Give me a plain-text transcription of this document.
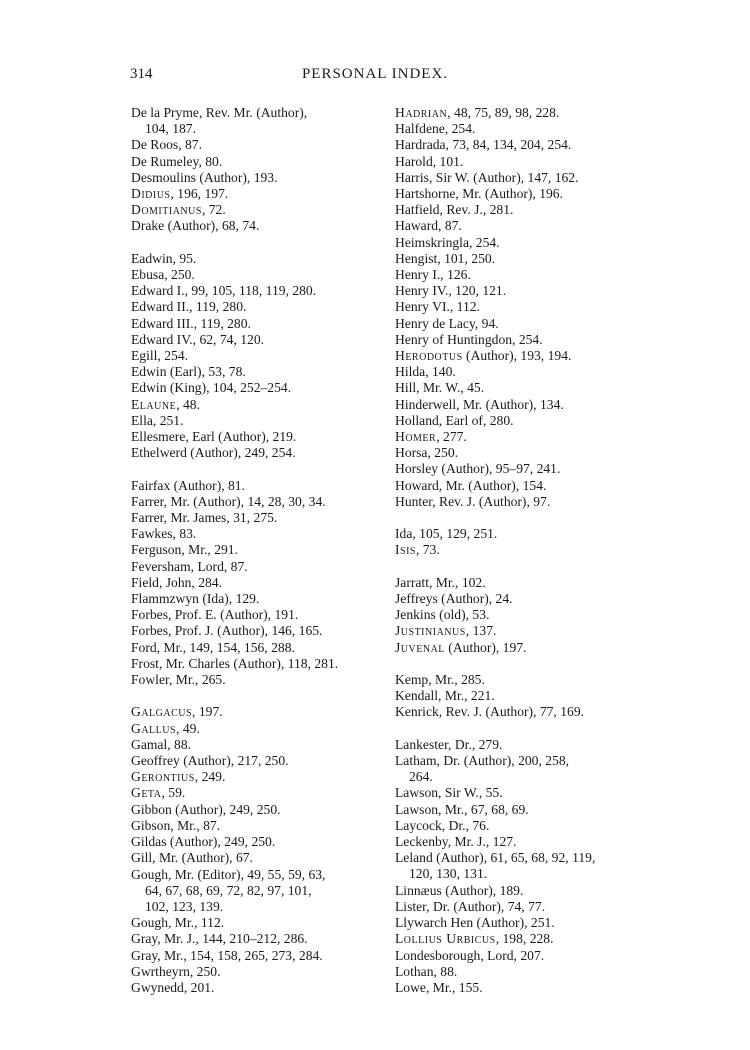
314	PERSONAL INDEX.
De la Pryme, Rev. Mr. (Author),
104, 187.
De Roos, 87.
De Rumeley, 80.
Desmoulins (Author), 193.
Didius, 196, 197.
Domitianus, 72.
Drake (Author), 68, 74.
Eadwin, 95.
Ebusa, 250.
Edward I., 99, 105, 118, 119, 280.
Edward II., 119, 280.
Edward III., 119, 280.
Edward IV., 62, 74, 120.
Egill, 254.
Edwin (Earl), 53, 78.
Edwin (King), 104, 252–254.
Elaune, 48.
Ella, 251.
Ellesmere, Earl (Author), 219.
Ethelwerd (Author), 249, 254.
Fairfax (Author), 81.
Farrer, Mr. (Author), 14, 28, 30, 34.
Farrer, Mr. James, 31, 275.
Fawkes, 83.
Ferguson, Mr., 291.
Feversham, Lord, 87.
Field, John, 284.
Flammzwyn (Ida), 129.
Forbes, Prof. E. (Author), 191.
Forbes, Prof. J. (Author), 146, 165.
Ford, Mr., 149, 154, 156, 288.
Frost, Mr. Charles (Author), 118, 281.
Fowler, Mr., 265.
Galgacus, 197.
Gallus, 49.
Gamal, 88.
Geoffrey (Author), 217, 250.
Gerontius, 249.
Geta, 59.
Gibbon (Author), 249, 250.
Gibson, Mr., 87.
Gildas (Author), 249, 250.
Gill, Mr. (Author), 67.
Gough, Mr. (Editor), 49, 55, 59, 63,
64, 67, 68, 69, 72, 82, 97, 101,
102, 123, 139.
Gough, Mr., 112.
Gray, Mr. J., 144, 210–212, 286.
Gray, Mr., 154, 158, 265, 273, 284.
Gwrtheyrn, 250.
Gwynedd, 201.
Hadrian, 48, 75, 89, 98, 228.
Halfdene, 254.
Hardrada, 73, 84, 134, 204, 254.
Harold, 101.
Harris, Sir W. (Author), 147, 162.
Hartshorne, Mr. (Author), 196.
Hatfield, Rev. J., 281.
Haward, 87.
Heimskringla, 254.
Hengist, 101, 250.
Henry I., 126.
Henry IV., 120, 121.
Henry VI., 112.
Henry de Lacy, 94.
Henry of Huntingdon, 254.
Herodotus (Author), 193, 194.
Hilda, 140.
Hill, Mr. W., 45.
Hinderwell, Mr. (Author), 134.
Holland, Earl of, 280.
Homer, 277.
Horsa, 250.
Horsley (Author), 95–97, 241.
Howard, Mr. (Author), 154.
Hunter, Rev. J. (Author), 97.
Ida, 105, 129, 251.
Isis, 73.
Jarratt, Mr., 102.
Jeffreys (Author), 24.
Jenkins (old), 53.
Justinianus, 137.
Juvenal (Author), 197.
Kemp, Mr., 285.
Kendall, Mr., 221.
Kenrick, Rev. J. (Author), 77, 169.
Lankester, Dr., 279.
Latham, Dr. (Author), 200, 258,
264.
Lawson, Sir W., 55.
Lawson, Mr., 67, 68, 69.
Laycock, Dr., 76.
Leckenby, Mr. J., 127.
Leland (Author), 61, 65, 68, 92, 119,
120, 130, 131.
Linnæus (Author), 189.
Lister, Dr. (Author), 74, 77.
Llywarch Hen (Author), 251.
Lollius Urbicus, 198, 228.
Londesborough, Lord, 207.
Lothan, 88.
Lowe, Mr., 155.
